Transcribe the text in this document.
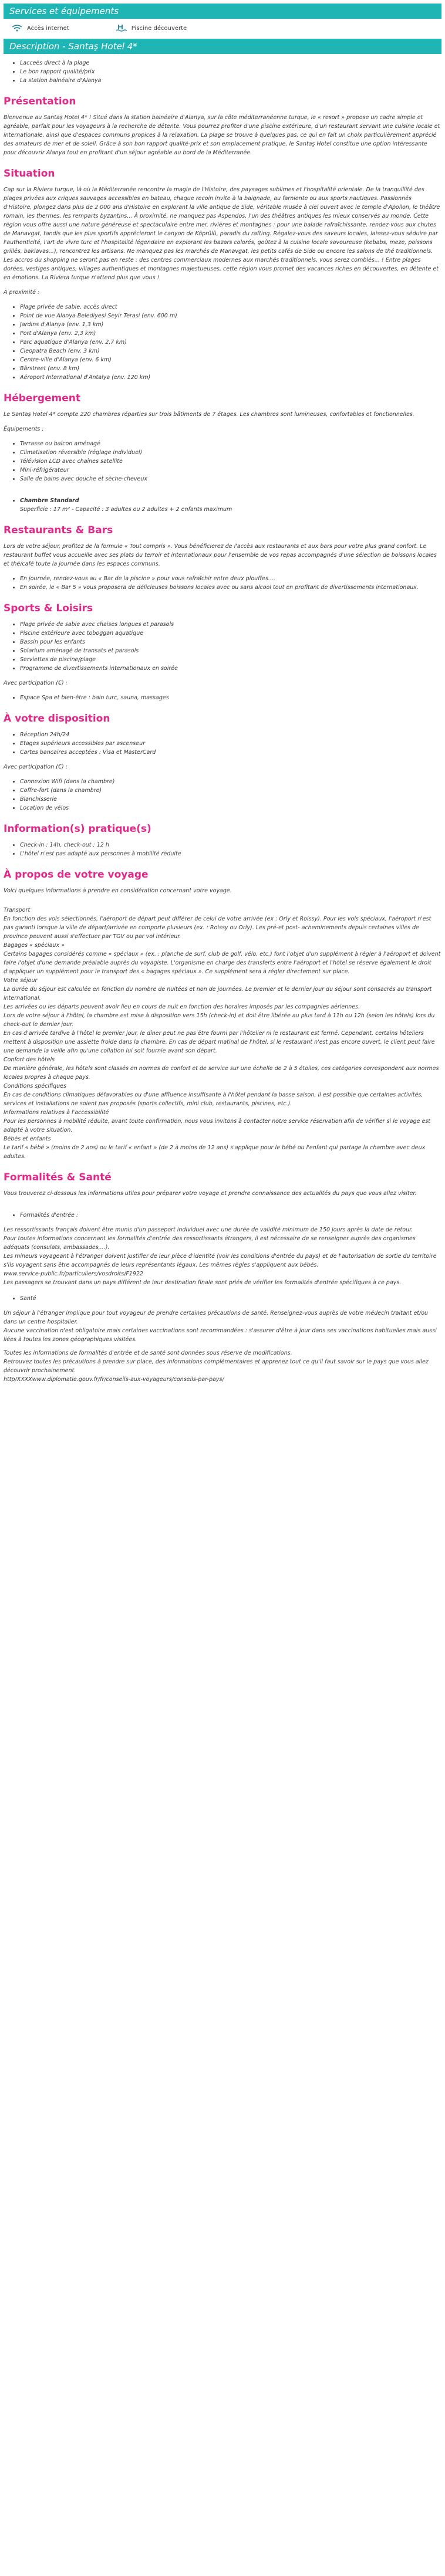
Services et équipements
Accès internet	Piscine découverte
Description - Santaş Hotel 4*
• Lacceès direct à la plage
• Le bon rapport qualité/prix
• La station balnéaire d'Alanya
Présentation

Bienvenue au Santaş Hotel 4* ! Situé dans la station balnéaire d'Alanya, sur la côte méditerranéenne turque, le « resort » propose un cadre simple et agréable, parfait pour les voyageurs à la recherche de détente. Vous pourrez profiter d'une piscine extérieure, d'un restaurant servant une cuisine locale et internationale, ainsi que d'espaces communs propices à la relaxation. La plage se trouve à quelques pas, ce qui en fait un choix particulièrement apprécié des amateurs de mer et de soleil. Grâce à son bon rapport qualité-prix et son emplacement pratique, le Santaş Hotel constitue une option intéressante pour découvrir Alanya tout en profitant d'un séjour agréable au bord de la Méditerranée.

Situation

Cap sur la Riviera turque, là où la Méditerranée rencontre la magie de l'Histoire, des paysages sublimes et l'hospitalité orientale. De la tranquillité des plages privées aux criques sauvages accessibles en bateau, chaque recoin invite à la baignade, au farniente ou aux sports nautiques. Passionnés d'Histoire, plongez dans plus de 2 000 ans d'Histoire en explorant la ville antique de Side, véritable musée à ciel ouvert avec le temple d'Apollon, le théâtre romain, les thermes, les remparts byzantins... À proximité, ne manquez pas Aspendos, l'un des théâtres antiques les mieux conservés au monde. Cette région vous offre aussi une nature généreuse et spectaculaire entre mer, rivières et montagnes : pour une balade rafraîchissante, rendez-vous aux chutes de Manavgat, tandis que les plus sportifs apprécieront le canyon de Köprülü, paradis du rafting. Régalez-vous des saveurs locales, laissez-vous séduire par l'authenticité, l'art de vivre turc et l'hospitalité légendaire en explorant les bazars colorés, goûtez à la cuisine locale savoureuse (kebabs, meze, poissons grillés, baklavas...), rencontrez les artisans. Ne manquez pas les marchés de Manavgat, les petits cafés de Side ou encore les salons de thé traditionnels. Les accros du shopping ne seront pas en reste : des centres commerciaux modernes aux marchés traditionnels, vous serez comblés... ! Entre plages dorées, vestiges antiques, villages authentiques et montagnes majestueuses, cette région vous promet des vacances riches en découvertes, en détente et en émotions. La Riviera turque n'attend plus que vous !

À proximité :

• Plage privée de sable, accès direct
• Point de vue Alanya Belediyesi Seyir Terasi (env. 600 m)
• Jardins d'Alanya (env. 1,3 km)
• Port d'Alanya (env. 2,3 km)
• Parc aquatique d'Alanya (env. 2,7 km)
• Cleopatra Beach (env. 3 km)
• Centre-ville d'Alanya (env. 6 km)
• Bärstreet (env. 8 km)
• Aéroport International d'Antalya (env. 120 km)
Hébergement

Le Santaş Hotel 4* compte 220 chambres réparties sur trois bâtiments de 7 étages. Les chambres sont lumineuses, confortables et fonctionnelles.

Équipements :

• Terrasse ou balcon aménagé
• Climatisation réversible (réglage individuel)
• Télévision LCD avec chaînes satellite
• Mini-réfrigérateur
• Salle de bains avec douche et sèche-cheveux
• Chambre Standard
Superficie : 17 m² - Capacité : 3 adultes ou 2 adultes + 2 enfants maximum
Restaurants & Bars

Lors de votre séjour, profitez de la formule « Tout compris ». Vous bénéficierez de l'accès aux restaurants et aux bars pour votre plus grand confort. Le restaurant buffet vous accueille avec ses plats du terroir et internationaux pour l'ensemble de vos repas accompagnés d'une sélection de boissons locales et thé/café toute la journée dans les espaces communs.

• En journée, rendez-vous au « Bar de la piscine » pour vous rafraîchir entre deux plouffes....
• En soirée, le « Bar 5 » vous proposera de délicieuses boissons locales avec ou sans alcool tout en profitant de divertissements internationaux.
Sports & Loisirs
• Plage privée de sable avec chaises longues et parasols
• Piscine extérieure avec toboggan aquatique
• Bassin pour les enfants
• Solarium aménagé de transats et parasols
• Serviettes de piscine/plage
• Programme de divertissements internationaux en soirée

Avec participation (€) :

• Espace Spa et bien-être : bain turc, sauna, massages
À votre disposition
• Réception 24h/24
• Etages supérieurs accessibles par ascenseur
• Cartes bancaires acceptées : Visa et MasterCard

Avec participation (€) :

• Connexion Wifi (dans la chambre)
• Coffre-fort (dans la chambre)
• Blanchisserie
• Location de vélos
Information(s) pratique(s)
• Check-in : 14h, check-out : 12 h
• L'hôtel n'est pas adapté aux personnes à mobilité réduite
À propos de votre voyage

Voici quelques informations à prendre en considération concernant votre voyage.

Transport
En fonction des vols sélectionnés, l'aéroport de départ peut différer de celui de votre arrivée (ex : Orly et Roissy). Pour les vols spéciaux, l'aéroport n'est pas garanti lorsque la ville de départ/arrivée en comporte plusieurs (ex. : Roissy ou Orly). Les pré-et post- acheminements depuis certaines villes de province peuvent aussi s'effectuer par TGV ou par vol intérieur.
Bagages « spéciaux »
Certains bagages considérés comme « spéciaux » (ex. : planche de surf, club de golf, vélo, etc.) font l'objet d'un supplément à régler à l'aéroport et doivent faire l'objet d'une demande préalable auprès du voyagiste. L'organisme en charge des transferts entre l'aéroport et l'hôtel se réserve également le droit d'appliquer un supplément pour le transport des « bagages spéciaux ». Ce supplément sera à régler directement sur place.
Votre séjour
La durée du séjour est calculée en fonction du nombre de nuitées et non de journées. Le premier et le dernier jour du séjour sont consacrés au transport international.
Les arrivées ou les départs peuvent avoir lieu en cours de nuit en fonction des horaires imposés par les compagnies aériennes.
Lors de votre séjour à l'hôtel, la chambre est mise à disposition vers 15h (check-in) et doit être libérée au plus tard à 11h ou 12h (selon les hôtels) lors du check-out le dernier jour.
En cas d'arrivée tardive à l'hôtel le premier jour, le dîner peut ne pas être fourni par l'hôtelier ni le restaurant est fermé. Cependant, certains hôteliers mettent à disposition une assiette froide dans la chambre. En cas de départ matinal de l'hôtel, si le restaurant n'est pas encore ouvert, le client peut faire une demande la veille afin qu'une collation lui soit fournie avant son départ.
Confort des hôtels
De manière générale, les hôtels sont classés en normes de confort et de service sur une échelle de 2 à 5 étoiles, ces catégories correspondent aux normes locales propres à chaque pays.
Conditions spécifiques
En cas de conditions climatiques défavorables ou d'une affluence insuffisante à l'hôtel pendant la basse saison, il est possible que certaines activités, services et installations ne soient pas proposés (sports collectifs, mini club, restaurants, piscines, etc.).
Informations relatives à l'accessibilité
Pour les personnes à mobilité réduite, avant toute confirmation, nous vous invitons à contacter notre service réservation afin de vérifier si le voyage est adapté à votre situation.
Bébés et enfants
Le tarif « bébé » (moins de 2 ans) ou le tarif « enfant » (de 2 à moins de 12 ans) s'applique pour le bébé ou l'enfant qui partage la chambre avec deux adultes.
Formalités & Santé

Vous trouverez ci-dessous les informations utiles pour préparer votre voyage et prendre connaissance des actualités du pays que vous allez visiter.

• Formalités d'entrée :
Les ressortissants français doivent être munis d'un passeport individuel avec une durée de validité minimum de 150 jours après la date de retour.
Pour toutes informations concernant les formalités d'entrée des ressortissants étrangers, il est nécessaire de se renseigner auprès des organismes adéquats (consulats, ambassades,...).
Les mineurs voyageant à l'étranger doivent justifier de leur pièce d'identité (voir les conditions d'entrée du pays) et de l'autorisation de sortie du territoire s'ils voyagent sans être accompagnés de leurs représentants légaux. Les mêmes règles s'appliquent aux bébés.
www.service-public.fr/particuliers/vosdroits/F1922
Les passagers se trouvant dans un pays différent de leur destination finale sont priés de vérifier les formalités d'entrée spécifiques à ce pays.
• Santé
Un séjour à l'étranger implique pour tout voyageur de prendre certaines précautions de santé. Renseignez-vous auprès de votre médecin traitant et/ou dans un centre hospitalier.
Aucune vaccination n'est obligatoire mais certaines vaccinations sont recommandées : s'assurer d'être à jour dans ses vaccinations habituelles mais aussi liées à toutes les zones géographiques visitées.
Toutes les informations de formalités d'entrée et de santé sont données sous réserve de modifications.
Retrouvez toutes les précautions à prendre sur place, des informations complémentaires et apprenez tout ce qu'il faut savoir sur le pays que vous allez découvrir prochainement.
http/XXXXwww.diplomatie.gouv.fr/fr/conseils-aux-voyageurs/conseils-par-pays/
